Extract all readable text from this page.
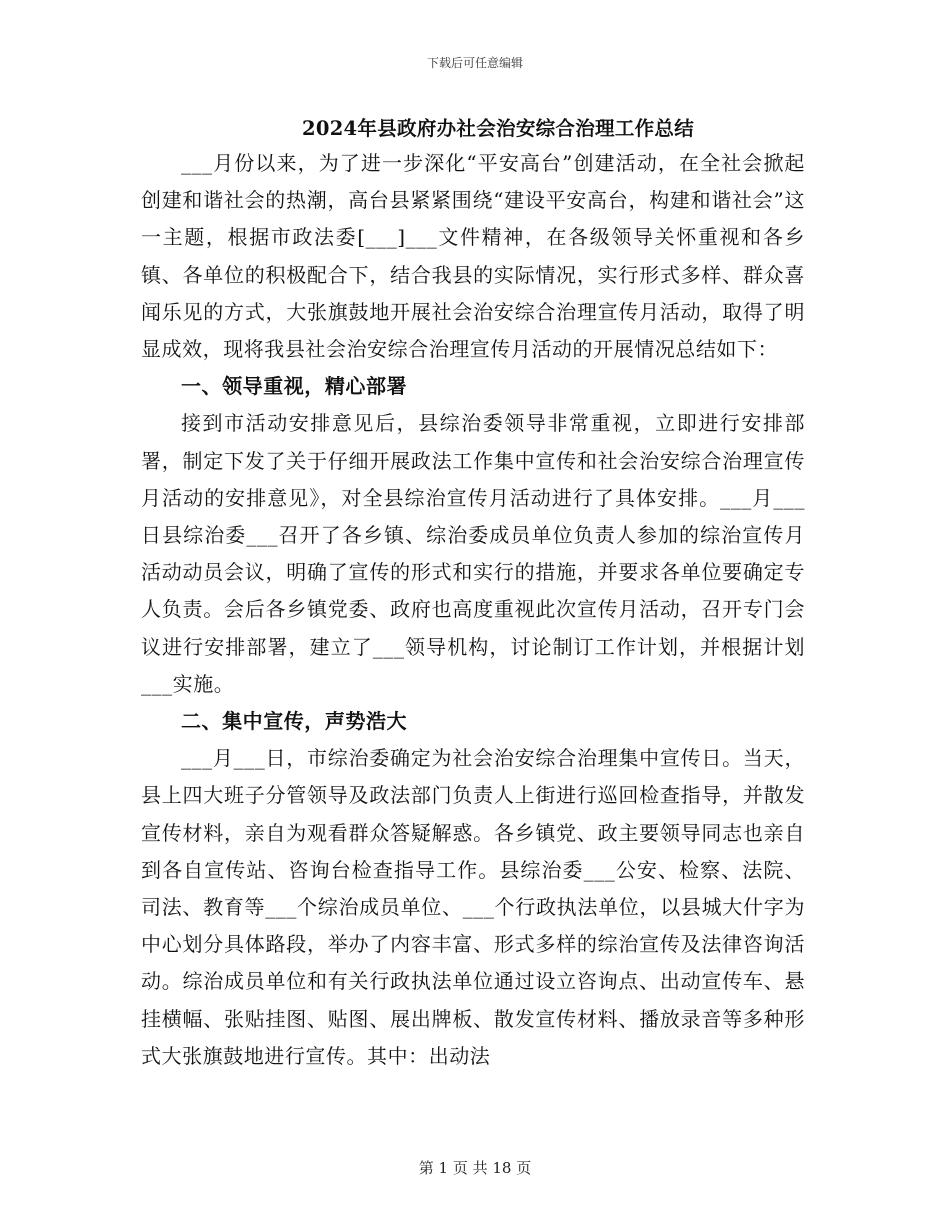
下载后可任意编辑
2024年县政府办社会治安综合治理工作总结

___月份以来，为了进一步深化“平安高台”创建活动，在全社会掀起创建和谐社会的热潮，高台县紧紧围绕“建设平安高台，构建和谐社会”这一主题，根据市政法委[___]___文件精神，在各级领导关怀重视和各乡镇、各单位的积极配合下，结合我县的实际情况，实行形式多样、群众喜闻乐见的方式，大张旗鼓地开展社会治安综合治理宣传月活动，取得了明显成效，现将我县社会治安综合治理宣传月活动的开展情况总结如下：

一、领导重视，精心部署

接到市活动安排意见后，县综治委领导非常重视，立即进行安排部署，制定下发了关于仔细开展政法工作集中宣传和社会治安综合治理宣传月活动的安排意见》，对全县综治宣传月活动进行了具体安排。___月___日县综治委___召开了各乡镇、综治委成员单位负责人参加的综治宣传月活动动员会议，明确了宣传的形式和实行的措施，并要求各单位要确定专人负责。会后各乡镇党委、政府也高度重视此次宣传月活动，召开专门会议进行安排部署，建立了___领导机构，讨论制订工作计划，并根据计划___实施。

二、集中宣传，声势浩大

___月___日，市综治委确定为社会治安综合治理集中宣传日。当天，县上四大班子分管领导及政法部门负责人上街进行巡回检查指导，并散发宣传材料，亲自为观看群众答疑解惑。各乡镇党、政主要领导同志也亲自到各自宣传站、咨询台检查指导工作。县综治委___公安、检察、法院、司法、教育等___个综治成员单位、___个行政执法单位，以县城大什字为中心划分具体路段，举办了内容丰富、形式多样的综治宣传及法律咨询活动。综治成员单位和有关行政执法单位通过设立咨询点、出动宣传车、悬挂横幅、张贴挂图、贴图、展出牌板、散发宣传材料、播放录音等多种形式大张旗鼓地进行宣传。其中：出动法

第 1 页 共 18 页
